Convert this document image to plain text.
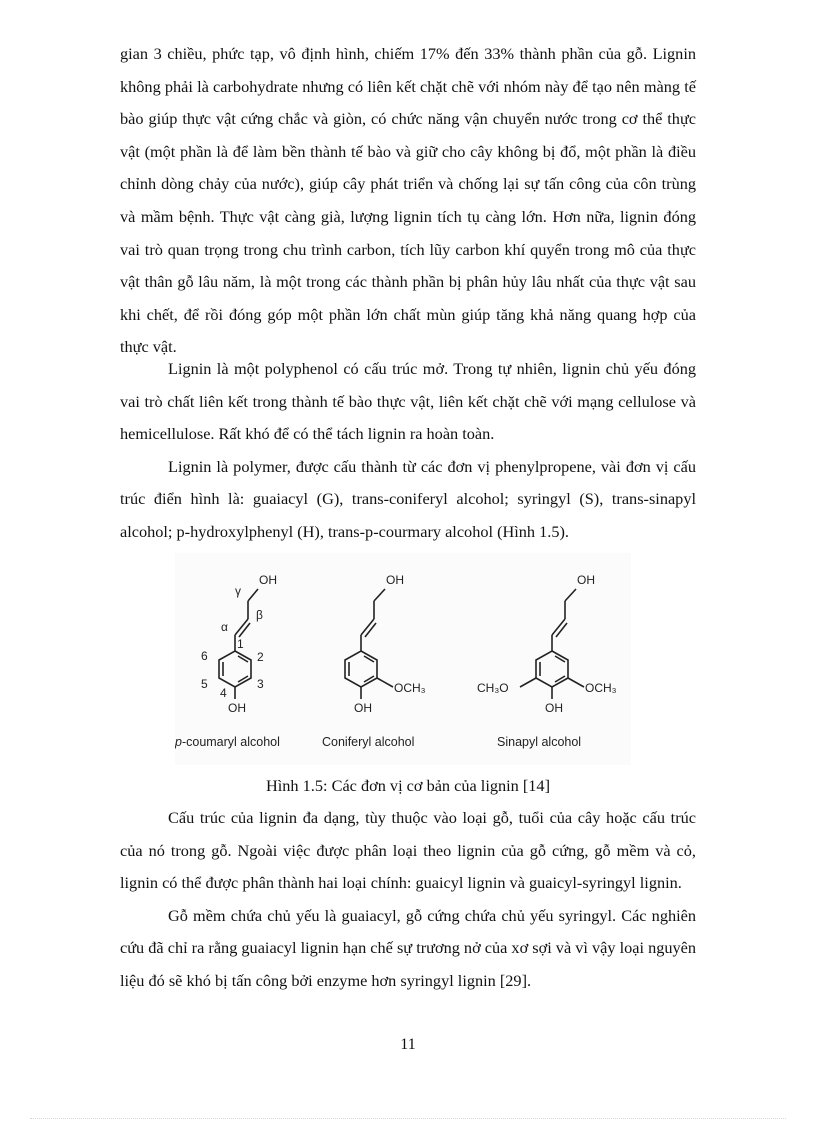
gian 3 chiều, phức tạp, vô định hình, chiếm 17% đến 33% thành phần của gỗ. Lignin không phải là carbohydrate nhưng có liên kết chặt chẽ với nhóm này để tạo nên màng tế bào giúp thực vật cứng chắc và giòn, có chức năng vận chuyển nước trong cơ thể thực vật (một phần là để làm bền thành tế bào và giữ cho cây không bị đổ, một phần là điều chỉnh dòng chảy của nước), giúp cây phát triển và chống lại sự tấn công của côn trùng và mầm bệnh. Thực vật càng già, lượng lignin tích tụ càng lớn. Hơn nữa, lignin đóng vai trò quan trọng trong chu trình carbon, tích lũy carbon khí quyển trong mô của thực vật thân gỗ lâu năm, là một trong các thành phần bị phân hủy lâu nhất của thực vật sau khi chết, để rồi đóng góp một phần lớn chất mùn giúp tăng khả năng quang hợp của thực vật.

Lignin là một polyphenol có cấu trúc mở. Trong tự nhiên, lignin chủ yếu đóng vai trò chất liên kết trong thành tế bào thực vật, liên kết chặt chẽ với mạng cellulose và hemicellulose. Rất khó để có thể tách lignin ra hoàn toàn.

Lignin là polymer, được cấu thành từ các đơn vị phenylpropene, vài đơn vị cấu trúc điển hình là: guaiacyl (G), trans-coniferyl alcohol; syringyl (S), trans-sinapyl alcohol; p-hydroxylphenyl (H), trans-p-courmary alcohol (Hình 1.5).

OH
OH
γ
β
α
1
2
3
4
5
6
p-coumaryl alcohol
OH
OH
OCH₃
Coniferyl alcohol
OH
OH
OCH₃
CH₃O
Sinapyl alcohol
Hình 1.5: Các đơn vị cơ bản của lignin [14]

Cấu trúc của lignin đa dạng, tùy thuộc vào loại gỗ, tuổi của cây hoặc cấu trúc của nó trong gỗ. Ngoài việc được phân loại theo lignin của gỗ cứng, gỗ mềm và cỏ, lignin có thể được phân thành hai loại chính: guaicyl lignin và guaicyl-syringyl lignin.

Gỗ mềm chứa chủ yếu là guaiacyl, gỗ cứng chứa chủ yếu syringyl. Các nghiên cứu đã chỉ ra rằng guaiacyl lignin hạn chế sự trương nở của xơ sợi và vì vậy loại nguyên liệu đó sẽ khó bị tấn công bởi enzyme hơn syringyl lignin [29].

11
